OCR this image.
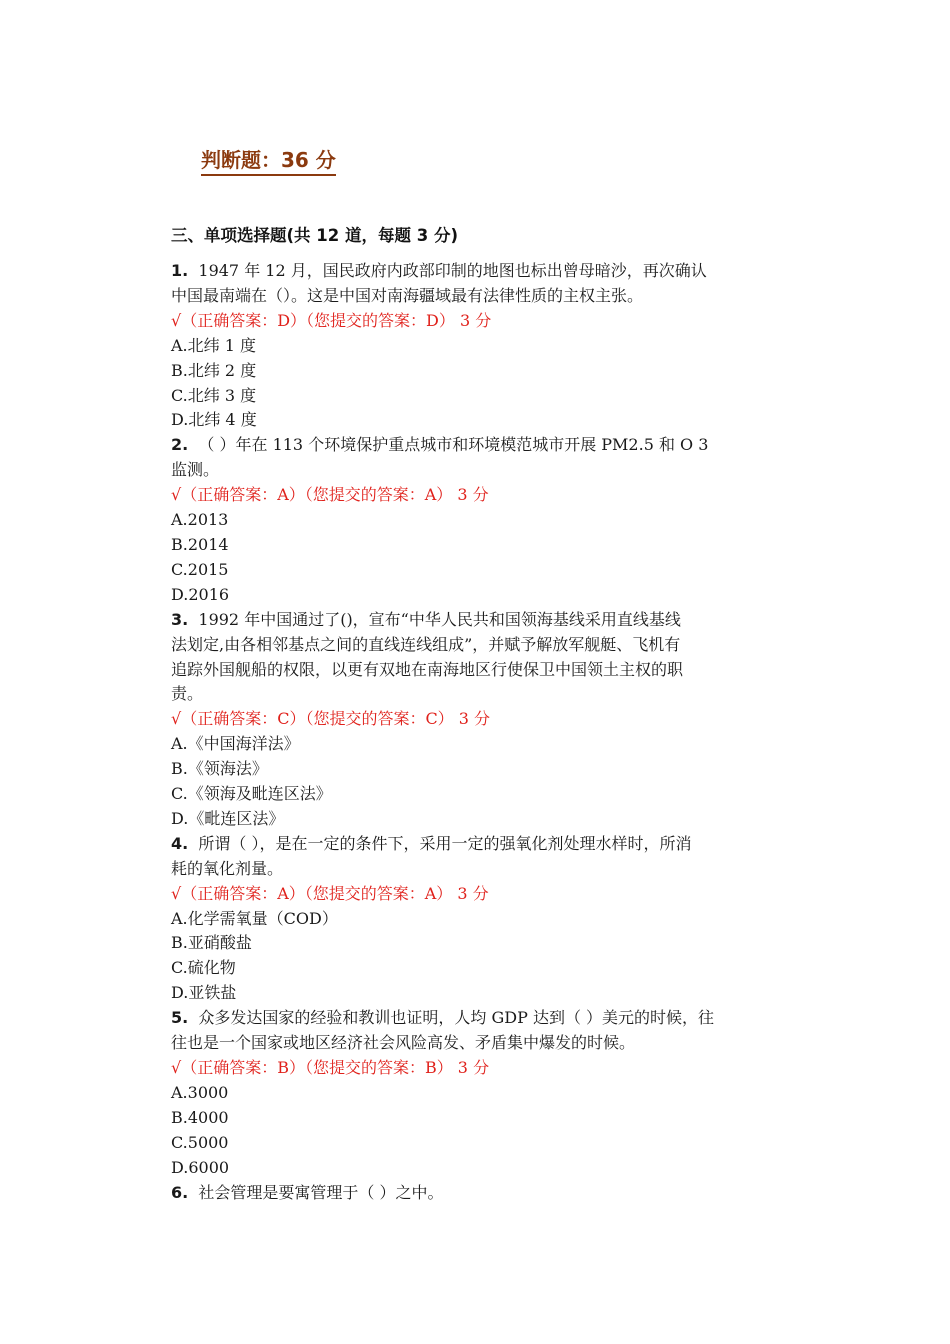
判断题：36 分
三、单项选择题(共 12 道，每题 3 分)
1. 1947 年 12 月，国民政府内政部印制的地图也标出曾母暗沙，再次确认
中国最南端在（）。这是中国对南海疆域最有法律性质的主权主张。
√（正确答案：D）（您提交的答案：D） 3 分
A.北纬 1 度
B.北纬 2 度
C.北纬 3 度
D.北纬 4 度
2. （ ）年在 113 个环境保护重点城市和环境模范城市开展 PM2.5 和 O 3
监测。
√（正确答案：A）（您提交的答案：A） 3 分
A.2013
B.2014
C.2015
D.2016
3. 1992 年中国通过了()，宣布“中华人民共和国领海基线采用直线基线
法划定,由各相邻基点之间的直线连线组成”，并赋予解放军舰艇、飞机有
追踪外国舰船的权限，以更有双地在南海地区行使保卫中国领土主权的职
责。
√（正确答案：C）（您提交的答案：C） 3 分
A.《中国海洋法》
B.《领海法》
C.《领海及毗连区法》
D.《毗连区法》
4. 所谓（ ），是在一定的条件下，采用一定的强氧化剂处理水样时，所消
耗的氧化剂量。
√（正确答案：A）（您提交的答案：A） 3 分
A.化学需氧量（COD）
B.亚硝酸盐
C.硫化物
D.亚铁盐
5. 众多发达国家的经验和教训也证明，人均 GDP 达到（ ）美元的时候，往
往也是一个国家或地区经济社会风险高发、矛盾集中爆发的时候。
√（正确答案：B）（您提交的答案：B） 3 分
A.3000
B.4000
C.5000
D.6000
6. 社会管理是要寓管理于（ ）之中。
